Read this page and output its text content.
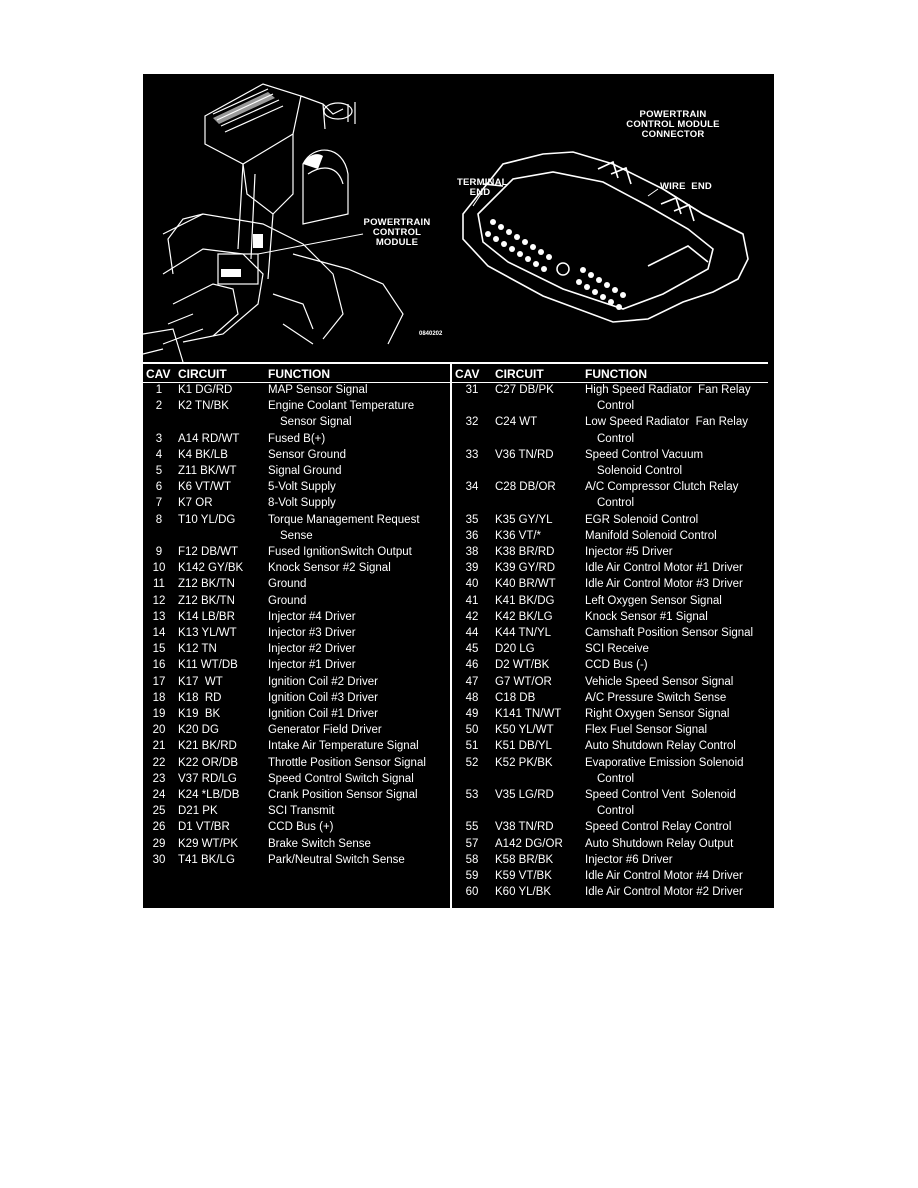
POWERTRAIN
CONTROL
MODULE
POWERTRAIN
CONTROL MODULE
CONNECTOR
TERMINAL
END
WIRE  END
0840202
CAV	CIRCUIT	FUNCTION
1	K1 DG/RD	MAP Sensor Signal

2	K2 TN/BK	Engine Coolant Temperature
Sensor Signal

3	A14 RD/WT	Fused B(+)

4	K4 BK/LB	Sensor Ground

5	Z11 BK/WT	Signal Ground

6	K6 VT/WT	5-Volt Supply

7	K7 OR	8-Volt Supply

8	T10 YL/DG	Torque Management Request
Sense

9	F12 DB/WT	Fused IgnitionSwitch Output

10	K142 GY/BK	Knock Sensor #2 Signal

11	Z12 BK/TN	Ground

12	Z12 BK/TN	Ground

13	K14 LB/BR	Injector #4 Driver

14	K13 YL/WT	Injector #3 Driver

15	K12 TN	Injector #2 Driver

16	K11 WT/DB	Injector #1 Driver

17	K17  WT	Ignition Coil #2 Driver

18	K18  RD	Ignition Coil #3 Driver

19	K19  BK	Ignition Coil #1 Driver

20	K20 DG	Generator Field Driver

21	K21 BK/RD	Intake Air Temperature Signal

22	K22 OR/DB	Throttle Position Sensor Signal

23	V37 RD/LG	Speed Control Switch Signal

24	K24 *LB/DB	Crank Position Sensor Signal

25	D21 PK	SCI Transmit

26	D1 VT/BR	CCD Bus (+)

29	K29 WT/PK	Brake Switch Sense

30	T41 BK/LG	Park/Neutral Switch Sense

CAV	CIRCUIT	FUNCTION
31	C27 DB/PK	High Speed Radiator  Fan Relay
Control

32	C24 WT	Low Speed Radiator  Fan Relay
Control

33	V36 TN/RD	Speed Control Vacuum
Solenoid Control

34	C28 DB/OR	A/C Compressor Clutch Relay
Control

35	K35 GY/YL	EGR Solenoid Control

36	K36 VT/*	Manifold Solenoid Control

38	K38 BR/RD	Injector #5 Driver

39	K39 GY/RD	Idle Air Control Motor #1 Driver

40	K40 BR/WT	Idle Air Control Motor #3 Driver

41	K41 BK/DG	Left Oxygen Sensor Signal

42	K42 BK/LG	Knock Sensor #1 Signal

44	K44 TN/YL	Camshaft Position Sensor Signal

45	D20 LG	SCI Receive

46	D2 WT/BK	CCD Bus (-)

47	G7 WT/OR	Vehicle Speed Sensor Signal

48	C18 DB	A/C Pressure Switch Sense

49	K141 TN/WT	Right Oxygen Sensor Signal

50	K50 YL/WT	Flex Fuel Sensor Signal

51	K51 DB/YL	Auto Shutdown Relay Control

52	K52 PK/BK	Evaporative Emission Solenoid
Control

53	V35 LG/RD	Speed Control Vent  Solenoid
Control

55	V38 TN/RD	Speed Control Relay Control

57	A142 DG/OR	Auto Shutdown Relay Output

58	K58 BR/BK	Injector #6 Driver

59	K59 VT/BK	Idle Air Control Motor #4 Driver

60	K60 YL/BK	Idle Air Control Motor #2 Driver
